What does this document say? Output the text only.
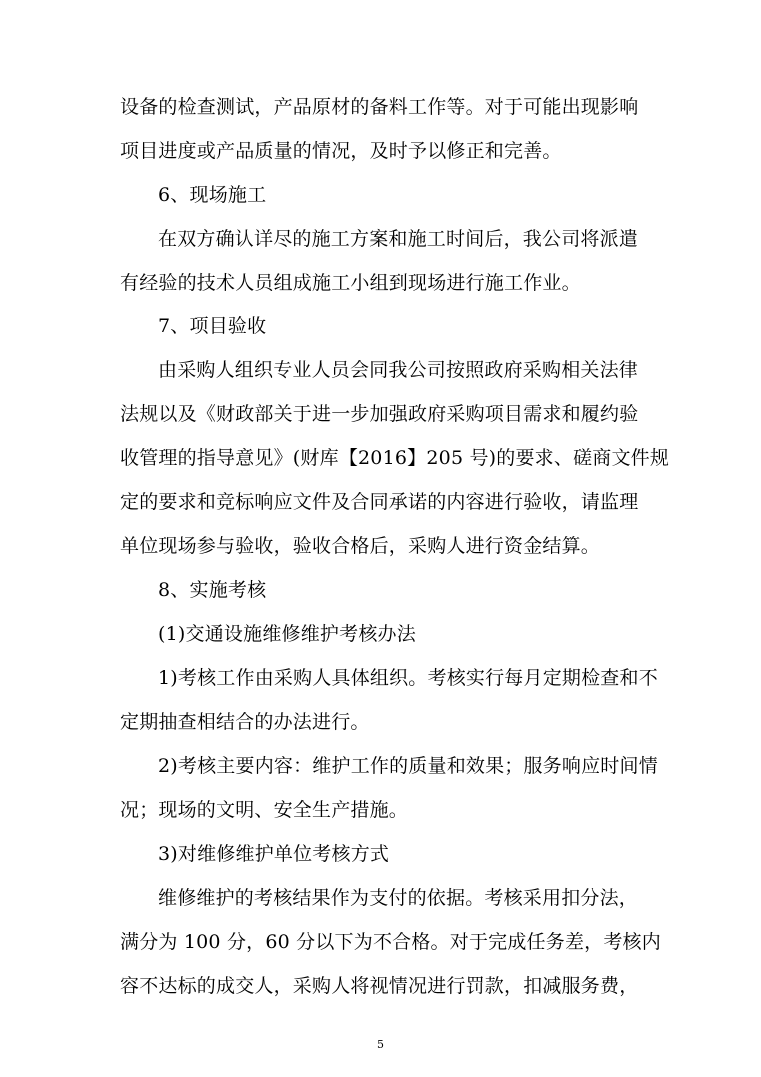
设备的检查测试，产品原材的备料工作等。对于可能出现影响
项目进度或产品质量的情况，及时予以修正和完善。
6、现场施工
在双方确认详尽的施工方案和施工时间后，我公司将派遣
有经验的技术人员组成施工小组到现场进行施工作业。
7、项目验收
由采购人组织专业人员会同我公司按照政府采购相关法律
法规以及《财政部关于进一步加强政府采购项目需求和履约验
收管理的指导意见》(财库【2016】205 号)的要求、磋商文件规
定的要求和竞标响应文件及合同承诺的内容进行验收，请监理
单位现场参与验收，验收合格后，采购人进行资金结算。
8、实施考核
(1)交通设施维修维护考核办法
1)考核工作由采购人具体组织。考核实行每月定期检查和不
定期抽查相结合的办法进行。
2)考核主要内容：维护工作的质量和效果；服务响应时间情
况；现场的文明、安全生产措施。
3)对维修维护单位考核方式
维修维护的考核结果作为支付的依据。考核采用扣分法，
满分为 100 分，60 分以下为不合格。对于完成任务差，考核内
容不达标的成交人，采购人将视情况进行罚款，扣减服务费，
5
